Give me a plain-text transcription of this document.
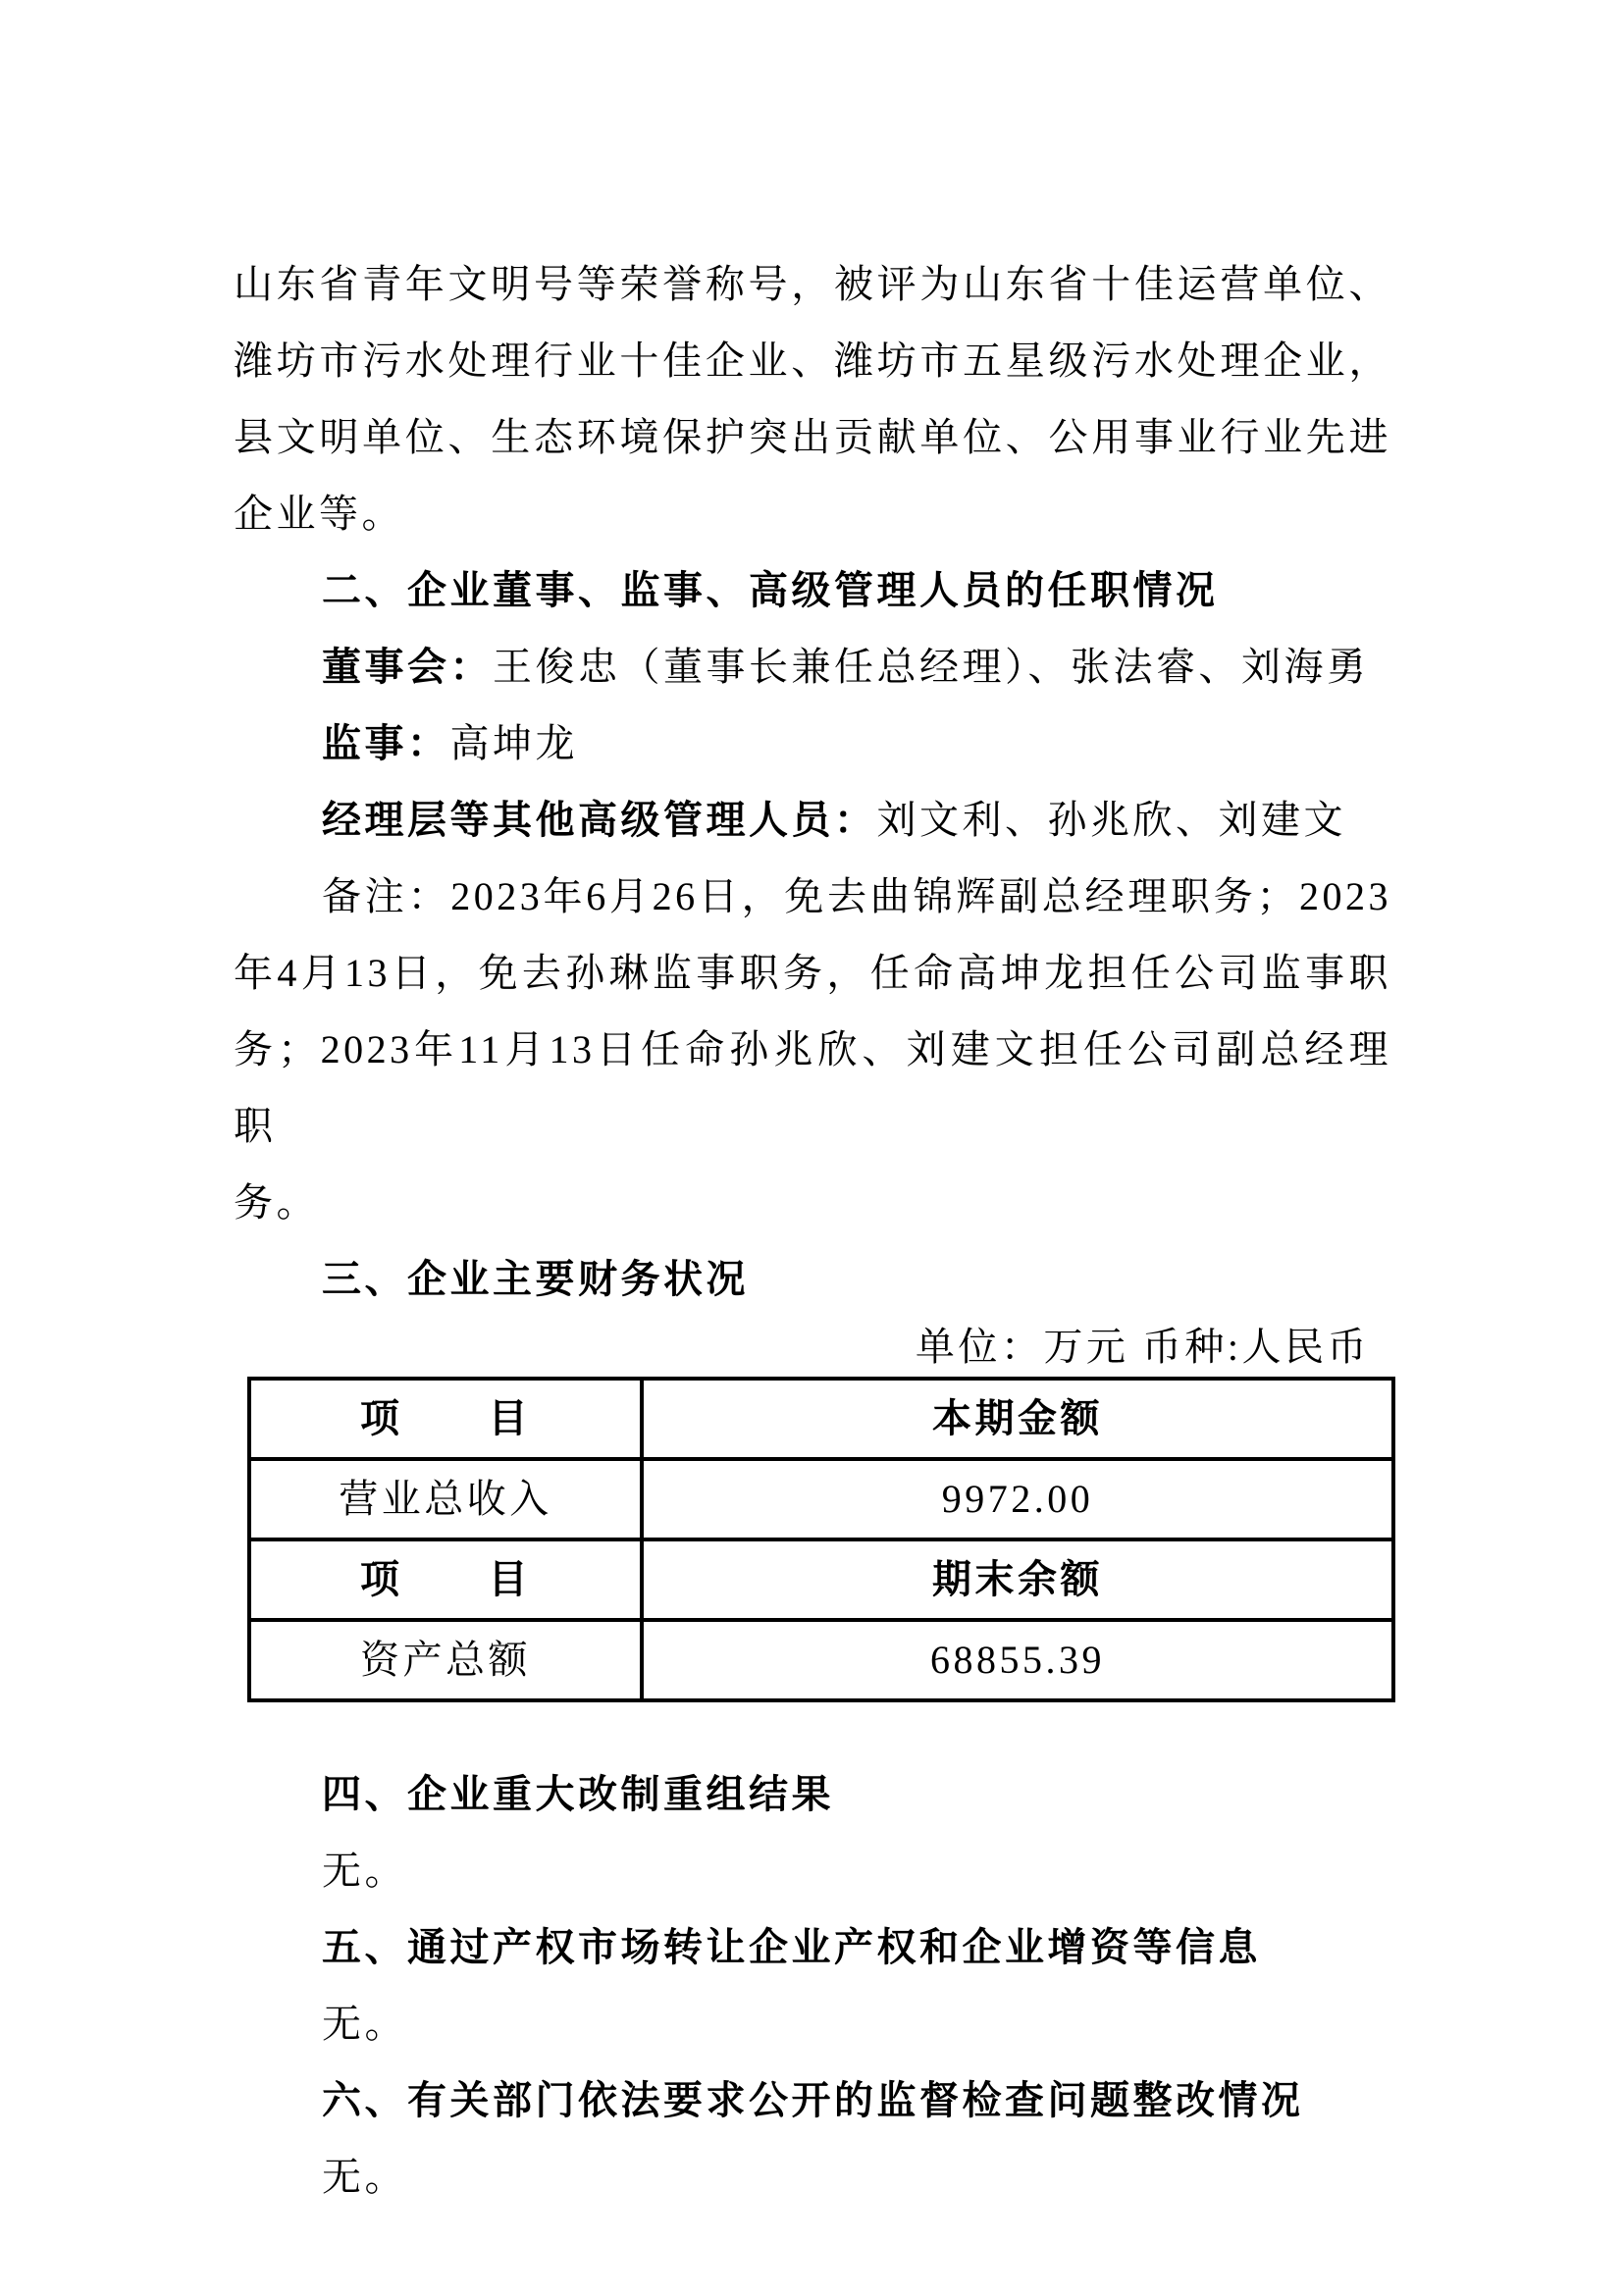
山东省青年文明号等荣誉称号，被评为山东省十佳运营单位、
潍坊市污水处理行业十佳企业、潍坊市五星级污水处理企业，
县文明单位、生态环境保护突出贡献单位、公用事业行业先进
企业等。
二、企业董事、监事、高级管理人员的任职情况
董事会：王俊忠（董事长兼任总经理）、张法睿、刘海勇
监事：高坤龙
经理层等其他高级管理人员：刘文利、孙兆欣、刘建文
备注：2023年6月26日，免去曲锦辉副总经理职务；2023
年4月13日，免去孙琳监事职务，任命高坤龙担任公司监事职
务；2023年11月13日任命孙兆欣、刘建文担任公司副总经理职
务。
三、企业主要财务状况
单位：万元 币种:人民币
项　　目	本期金额
营业总收入	9972.00
项　　目	期末余额
资产总额	68855.39
四、企业重大改制重组结果
无。
五、通过产权市场转让企业产权和企业增资等信息
无。
六、有关部门依法要求公开的监督检查问题整改情况
无。
